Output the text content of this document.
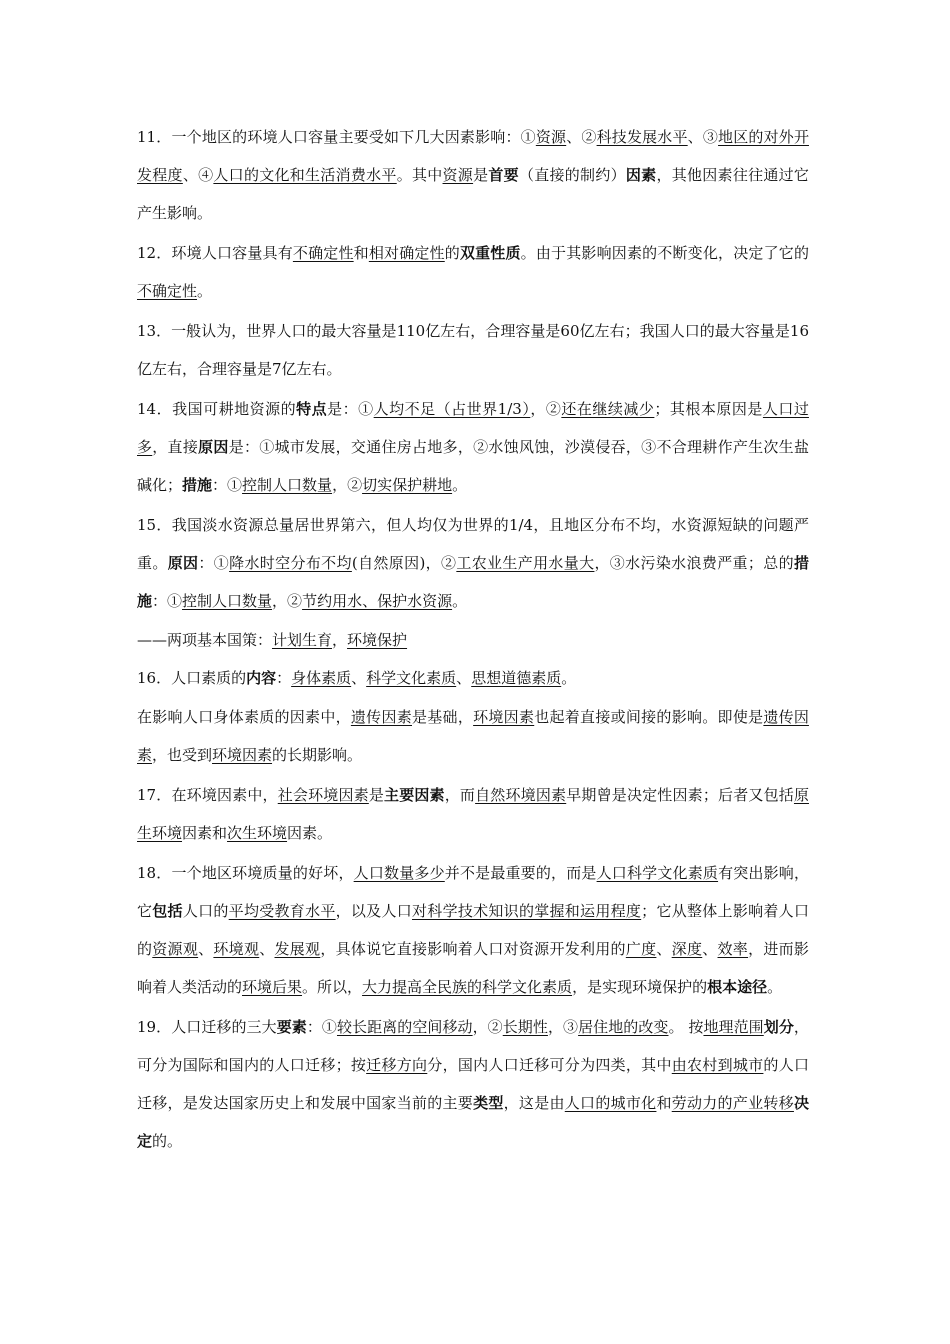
11．一个地区的环境人口容量主要受如下几大因素影响：①资源、②科技发展水平、③地区的对外开发程度、④人口的文化和生活消费水平。其中资源是首要（直接的制约）因素，其他因素往往通过它产生影响。

12．环境人口容量具有不确定性和相对确定性的双重性质。由于其影响因素的不断变化，决定了它的不确定性。

13．一般认为，世界人口的最大容量是110亿左右，合理容量是60亿左右；我国人口的最大容量是16亿左右，合理容量是7亿左右。

14．我国可耕地资源的特点是：①人均不足（占世界1/3），②还在继续减少；其根本原因是人口过多，直接原因是：①城市发展，交通住房占地多，②水蚀风蚀，沙漠侵吞，③不合理耕作产生次生盐碱化；措施：①控制人口数量，②切实保护耕地。

15．我国淡水资源总量居世界第六，但人均仅为世界的1/4，且地区分布不均，水资源短缺的问题严重。原因：①降水时空分布不均(自然原因)，②工农业生产用水量大，③水污染水浪费严重；总的措施：①控制人口数量，②节约用水、保护水资源。

——两项基本国策：计划生育，环境保护

16．人口素质的内容：身体素质、科学文化素质、思想道德素质。

在影响人口身体素质的因素中，遗传因素是基础，环境因素也起着直接或间接的影响。即使是遗传因素，也受到环境因素的长期影响。

17．在环境因素中，社会环境因素是主要因素，而自然环境因素早期曾是决定性因素；后者又包括原生环境因素和次生环境因素。

18．一个地区环境质量的好坏，人口数量多少并不是最重要的，而是人口科学文化素质有突出影响，它包括人口的平均受教育水平，以及人口对科学技术知识的掌握和运用程度；它从整体上影响着人口的资源观、环境观、发展观，具体说它直接影响着人口对资源开发利用的广度、深度、效率，进而影响着人类活动的环境后果。所以，大力提高全民族的科学文化素质，是实现环境保护的根本途径。

19．人口迁移的三大要素：①较长距离的空间移动，②长期性，③居住地的改变。 按地理范围划分，可分为国际和国内的人口迁移；按迁移方向分，国内人口迁移可分为四类，其中由农村到城市的人口迁移，是发达国家历史上和发展中国家当前的主要类型，这是由人口的城市化和劳动力的产业转移决定的。
